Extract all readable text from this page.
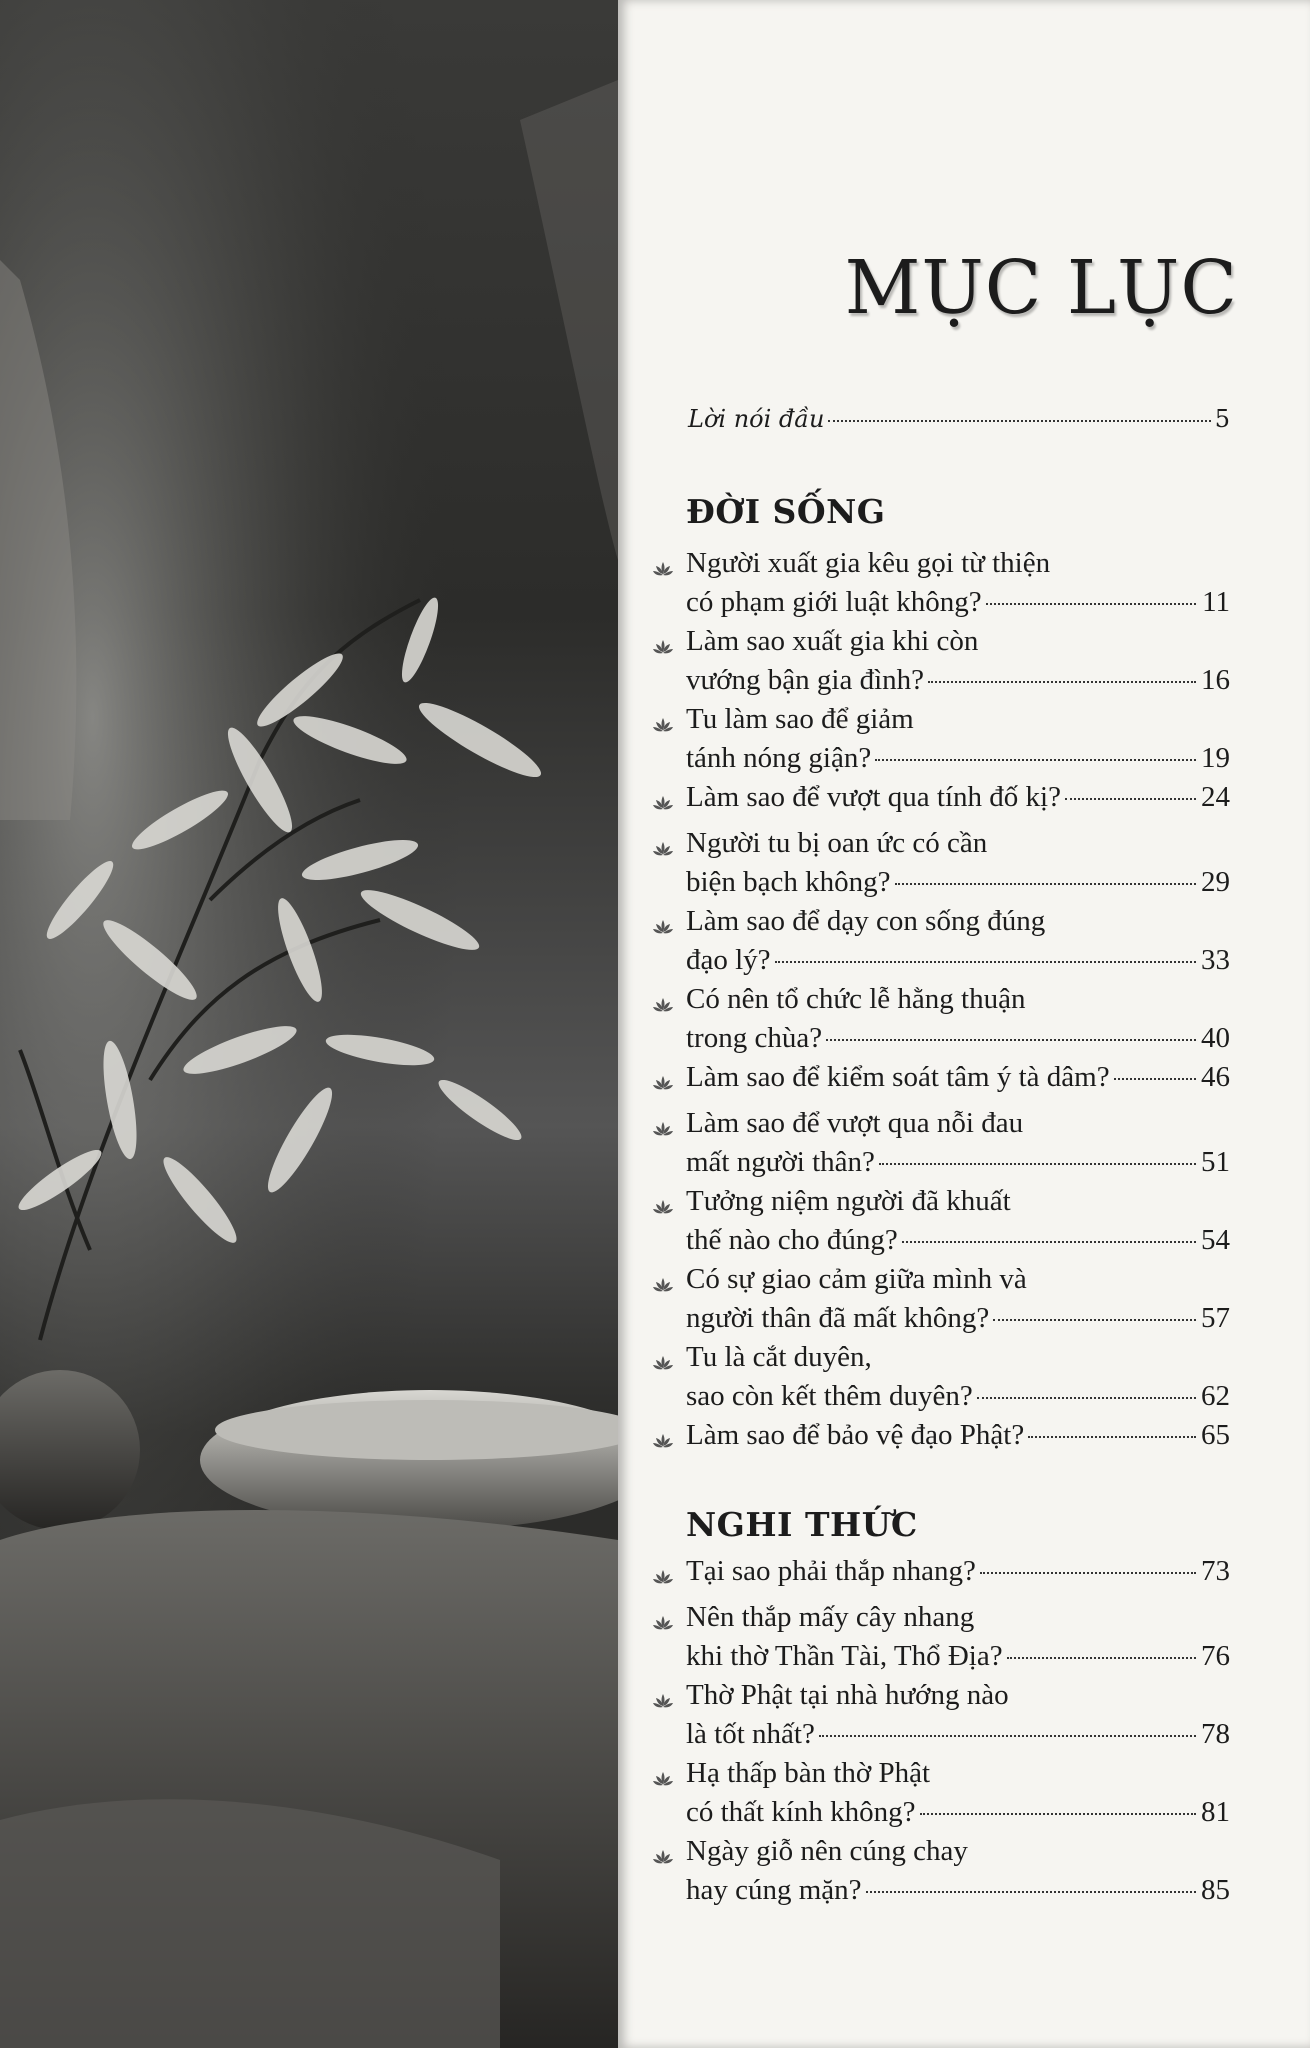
MỤC LỤC
Lời nói đầu	5
ĐỜI SỐNG
Người xuất gia kêu gọi từ thiện
có phạm giới luật không?	11
Làm sao xuất gia khi còn
vướng bận gia đình?	16
Tu làm sao để giảm
tánh nóng giận?	19
Làm sao để vượt qua tính đố kị?	24
Người tu bị oan ức có cần
biện bạch không?	29
Làm sao để dạy con sống đúng
đạo lý?	33
Có nên tổ chức lễ hằng thuận
trong chùa?	40
Làm sao để kiểm soát tâm ý tà dâm?	46
Làm sao để vượt qua nỗi đau
mất người thân?	51
Tưởng niệm người đã khuất
thế nào cho đúng?	54
Có sự giao cảm giữa mình và
người thân đã mất không?	57
Tu là cắt duyên,
sao còn kết thêm duyên?	62
Làm sao để bảo vệ đạo Phật?	65
NGHI THỨC
Tại sao phải thắp nhang?	73
Nên thắp mấy cây nhang
khi thờ Thần Tài, Thổ Địa?	76
Thờ Phật tại nhà hướng nào
là tốt nhất?	78
Hạ thấp bàn thờ Phật
có thất kính không?	81
Ngày giỗ nên cúng chay
hay cúng mặn?	85
